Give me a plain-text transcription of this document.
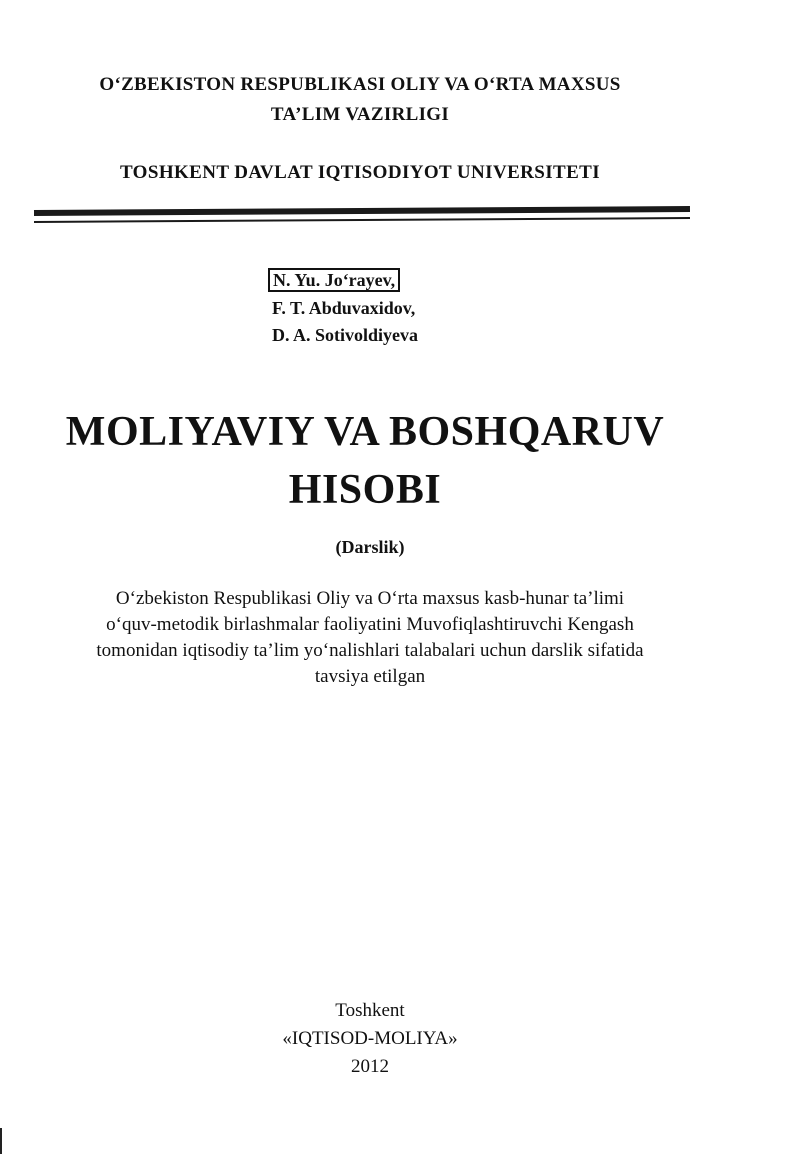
O‘ZBEKISTON RESPUBLIKASI OLIY VA O‘RTA MAXSUS
TA’LIM VAZIRLIGI
TOSHKENT DAVLAT IQTISODIYOT UNIVERSITETI
N. Yu. Jo‘rayev,
F. T. Abduvaxidov,
D. A. Sotivoldiyeva
MOLIYAVIY VA BOSHQARUV
HISOBI
(Darslik)
O‘zbekiston Respublikasi Oliy va O‘rta maxsus kasb-hunar ta’limi
o‘quv-metodik birlashmalar faoliyatini Muvofiqlashtiruvchi Kengash
tomonidan iqtisodiy ta’lim yo‘nalishlari talabalari uchun darslik sifatida
tavsiya etilgan
Toshkent
«IQTISOD-MOLIYA»
2012
